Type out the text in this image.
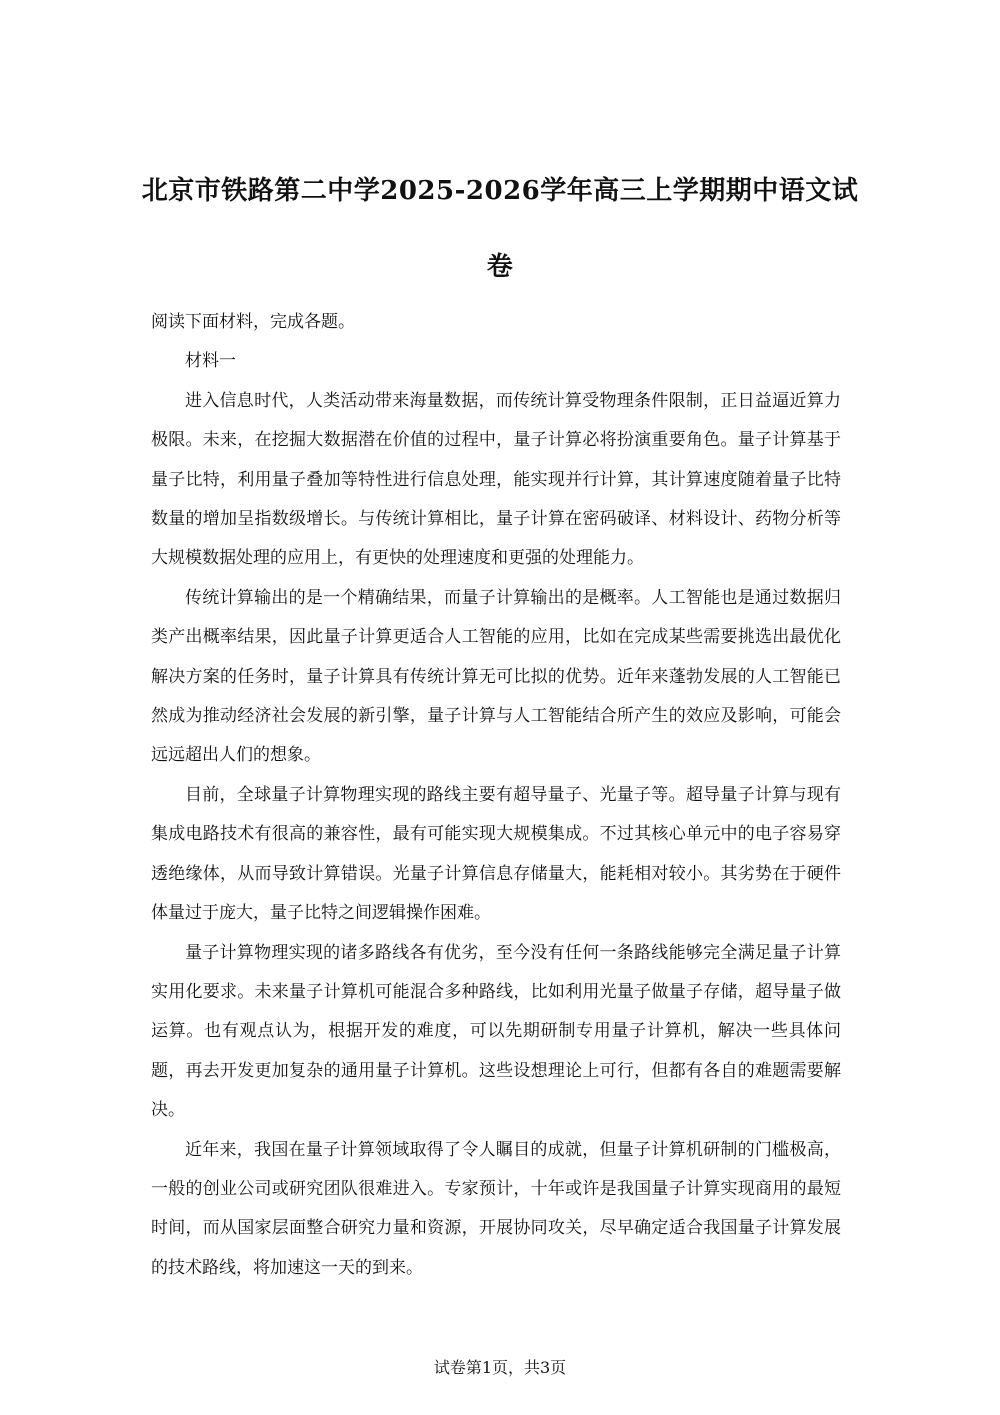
北京市铁路第二中学2025-2026学年高三上学期期中语文试
卷

阅读下面材料，完成各题。

材料一

进入信息时代，人类活动带来海量数据，而传统计算受物理条件限制，正日益逼近算力极限。未来，在挖掘大数据潜在价值的过程中，量子计算必将扮演重要角色。量子计算基于量子比特，利用量子叠加等特性进行信息处理，能实现并行计算，其计算速度随着量子比特数量的增加呈指数级增长。与传统计算相比，量子计算在密码破译、材料设计、药物分析等大规模数据处理的应用上，有更快的处理速度和更强的处理能力。

传统计算输出的是一个精确结果，而量子计算输出的是概率。人工智能也是通过数据归类产出概率结果，因此量子计算更适合人工智能的应用，比如在完成某些需要挑选出最优化解决方案的任务时，量子计算具有传统计算无可比拟的优势。近年来蓬勃发展的人工智能已然成为推动经济社会发展的新引擎，量子计算与人工智能结合所产生的效应及影响，可能会远远超出人们的想象。

目前，全球量子计算物理实现的路线主要有超导量子、光量子等。超导量子计算与现有集成电路技术有很高的兼容性，最有可能实现大规模集成。不过其核心单元中的电子容易穿透绝缘体，从而导致计算错误。光量子计算信息存储量大，能耗相对较小。其劣势在于硬件体量过于庞大，量子比特之间逻辑操作困难。

量子计算物理实现的诸多路线各有优劣，至今没有任何一条路线能够完全满足量子计算实用化要求。未来量子计算机可能混合多种路线，比如利用光量子做量子存储，超导量子做运算。也有观点认为，根据开发的难度，可以先期研制专用量子计算机，解决一些具体问题，再去开发更加复杂的通用量子计算机。这些设想理论上可行，但都有各自的难题需要解决。

近年来，我国在量子计算领域取得了令人瞩目的成就，但量子计算机研制的门槛极高，一般的创业公司或研究团队很难进入。专家预计，十年或许是我国量子计算实现商用的最短时间，而从国家层面整合研究力量和资源，开展协同攻关，尽早确定适合我国量子计算发展的技术路线，将加速这一天的到来。

试卷第1页，共3页
